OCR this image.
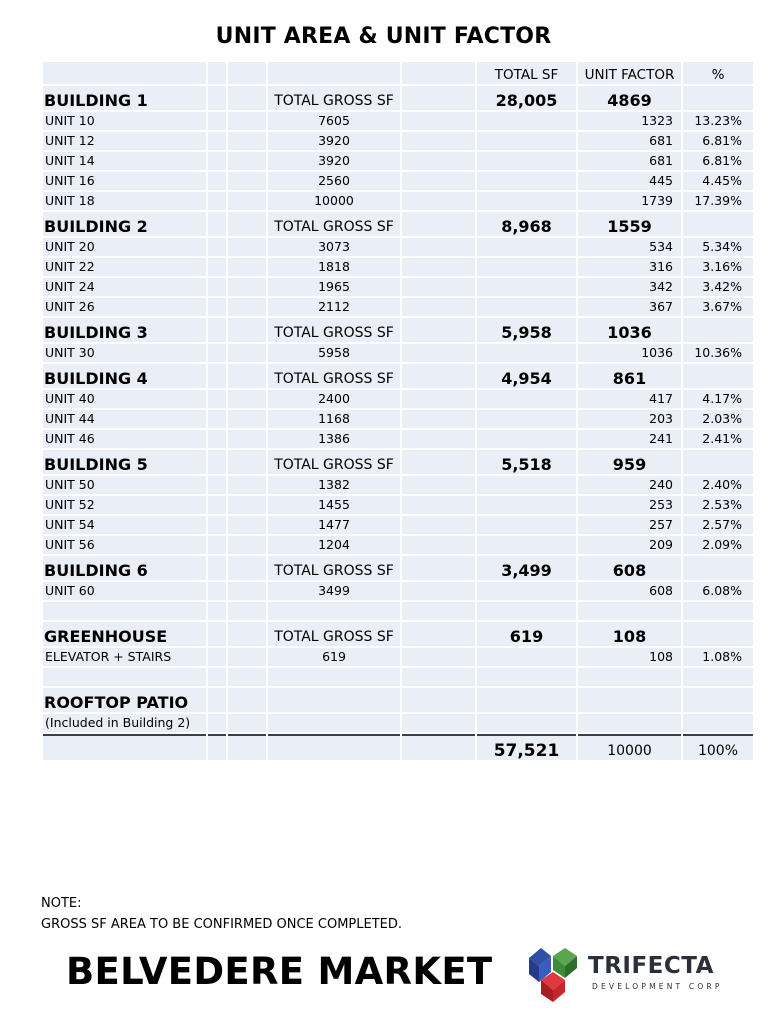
UNIT AREA & UNIT FACTOR
					TOTAL SF	UNIT FACTOR	%
BUILDING 1			TOTAL GROSS SF		28,005	4869	
UNIT 10			7605			1323	13.23%
UNIT 12			3920			681	6.81%
UNIT 14			3920			681	6.81%
UNIT 16			2560			445	4.45%
UNIT 18			10000			1739	17.39%
BUILDING 2			TOTAL GROSS SF		8,968	1559	
UNIT 20			3073			534	5.34%
UNIT 22			1818			316	3.16%
UNIT 24			1965			342	3.42%
UNIT 26			2112			367	3.67%
BUILDING 3			TOTAL GROSS SF		5,958	1036	
UNIT 30			5958			1036	10.36%
BUILDING 4			TOTAL GROSS SF		4,954	861	
UNIT 40			2400			417	4.17%
UNIT 44			1168			203	2.03%
UNIT 46			1386			241	2.41%
BUILDING 5			TOTAL GROSS SF		5,518	959	
UNIT 50			1382			240	2.40%
UNIT 52			1455			253	2.53%
UNIT 54			1477			257	2.57%
UNIT 56			1204			209	2.09%
BUILDING 6			TOTAL GROSS SF		3,499	608	
UNIT 60			3499			608	6.08%

GREENHOUSE			TOTAL GROSS SF		619	108	
ELEVATOR + STAIRS			619			108	1.08%

ROOFTOP PATIO							
(Included in Building 2)							
					57,521	10000	100%
NOTE:
GROSS SF AREA TO BE CONFIRMED ONCE COMPLETED.
BELVEDERE MARKET	TRIFECTA
DEVELOPMENT CORP
